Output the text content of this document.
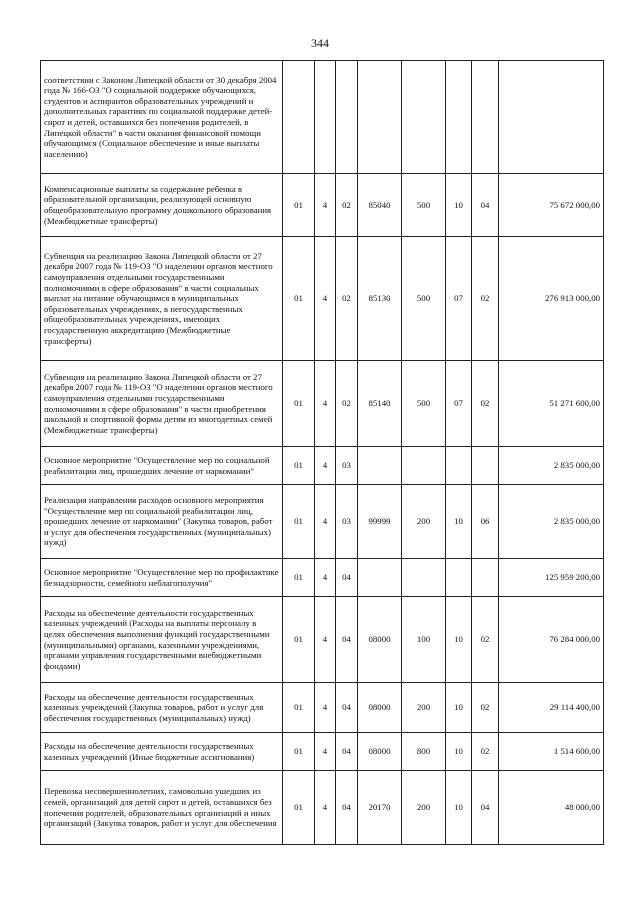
344
соответствии с Законом Липецкой области от 30 декабря 2004 года № 166-ОЗ "О социальной поддержке обучающихся, студентов и аспирантов образовательных учреждений и дополнительных гарантиях по социальной поддержке детей-сирот и детей, оставшихся без попечения родителей, в Липецкой области" в части оказания финансовой помощи обучающимся (Социальное обеспечение и иные выплаты населению)								
Компенсационные выплаты за содержание ребенка в образовательной организации, реализующей основную общеобразовательную программу дошкольного образования (Межбюджетные трансферты)	01	4	02	85040	500	10	04	75 672 000,00
Субвенция на реализацию Закона Липецкой области от 27 декабря 2007 года № 119-ОЗ "О наделении органов местного самоуправления отдельными государственными полномочиями в сфере образования" в части социальных выплат на питание обучающимся в муниципальных образовательных учреждениях, в негосударственных общеобразовательных учреждениях, имеющих государственную аккредитацию (Межбюджетные трансферты)	01	4	02	85130	500	07	02	276 913 000,00
Субвенция на реализацию Закона Липецкой области от 27 декабря 2007 года № 119-ОЗ "О наделении органов местного самоуправления отдельными государственными полномочиями в сфере образования" в части приобретения школьной и спортивной формы детям из многодетных семей (Межбюджетные трансферты)	01	4	02	85140	500	07	02	51 271 600,00
Основное мероприятие "Осуществление мер по социальной реабилитации лиц, прошедших лечение от наркомании"	01	4	03					2 835 000,00
Реализация направления расходов основного мероприятия "Осуществление мер по социальной реабилитации лиц, прошедших лечение от наркомании" (Закупка товаров, работ и услуг для обеспечения государственных (муниципальных) нужд)	01	4	03	99999	200	10	06	2 835 000,00
Основное мероприятие "Осуществление мер по профилактике безнадзорности, семейного неблагополучия"	01	4	04					125 959 200,00
Расходы на обеспечение деятельности государственных казенных учреждений (Расходы на выплаты персоналу в целях обеспечения выполнения функций государственными (муниципальными) органами, казенными учреждениями, органами управления государственными внебюджетными фондами)	01	4	04	08000	100	10	02	76 284 000,00
Расходы на обеспечение деятельности государственных казенных учреждений (Закупка товаров, работ и услуг для обеспечения государственных (муниципальных) нужд)	01	4	04	08000	200	10	02	29 114 400,00
Расходы на обеспечение деятельности государственных казенных учреждений (Иные бюджетные ассигнования)	01	4	04	08000	800	10	02	1 514 600,00
Перевозка несовершеннолетних, самовольно ушедших из семей, организаций для детей сирот и детей, оставшихся без попечения родителей, образовательных организаций и иных организаций (Закупка товаров, работ и услуг для обеспечения	01	4	04	20170	200	10	04	48 000,00
